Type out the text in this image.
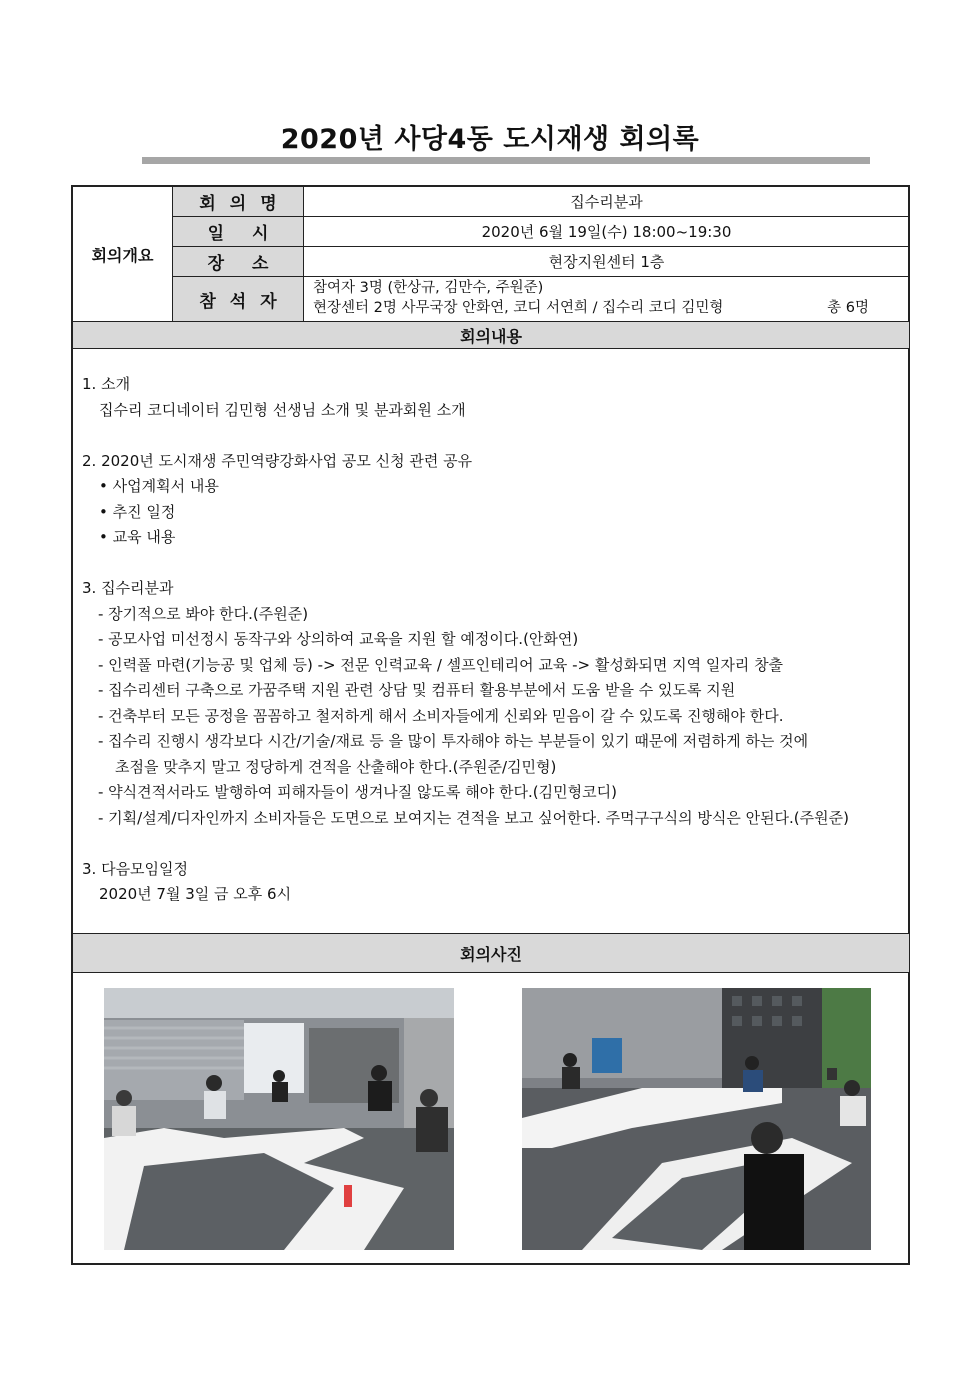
2020년 사당4동 도시재생 회의록
회의개요
회의명
일시
장소
참석자
집수리분과
2020년 6월 19일(수) 18:00~19:30
현장지원센터 1층
참여자 3명 (한상규, 김만수, 주원준)
현장센터 2명 사무국장 안화연, 코디 서연희 / 집수리 코디 김민형	총 6명
회의내용
1. 소개
집수리 코디네이터 김민형 선생님 소개 및 분과회원 소개
2. 2020년 도시재생 주민역량강화사업 공모 신청 관련 공유
• 사업계획서 내용
• 추진 일정
• 교육 내용
3. 집수리분과
- 장기적으로 봐야 한다.(주원준)
- 공모사업 미선정시 동작구와 상의하여 교육을 지원 할 예정이다.(안화연)
- 인력풀 마련(기능공 및 업체 등) -> 전문 인력교육 / 셀프인테리어 교육 -> 활성화되면 지역 일자리 창출
- 집수리센터 구축으로 가꿈주택 지원 관련 상담 및 컴퓨터 활용부분에서 도움 받을 수 있도록 지원
- 건축부터 모든 공정을 꼼꼼하고 철저하게 해서 소비자들에게 신뢰와 믿음이 갈 수 있도록 진행해야 한다.
- 집수리 진행시 생각보다 시간/기술/재료 등 을 많이 투자해야 하는 부분들이 있기 때문에 저렴하게 하는 것에
초점을 맞추지 말고 정당하게 견적을 산출해야 한다.(주원준/김민형)
- 약식견적서라도 발행하여 피해자들이 생겨나질 않도록 해야 한다.(김민형코디)
- 기획/설계/디자인까지 소비자들은 도면으로 보여지는 견적을 보고 싶어한다. 주먹구구식의 방식은 안된다.(주원준)
3. 다음모임일정
2020년 7월 3일 금 오후 6시
회의사진
